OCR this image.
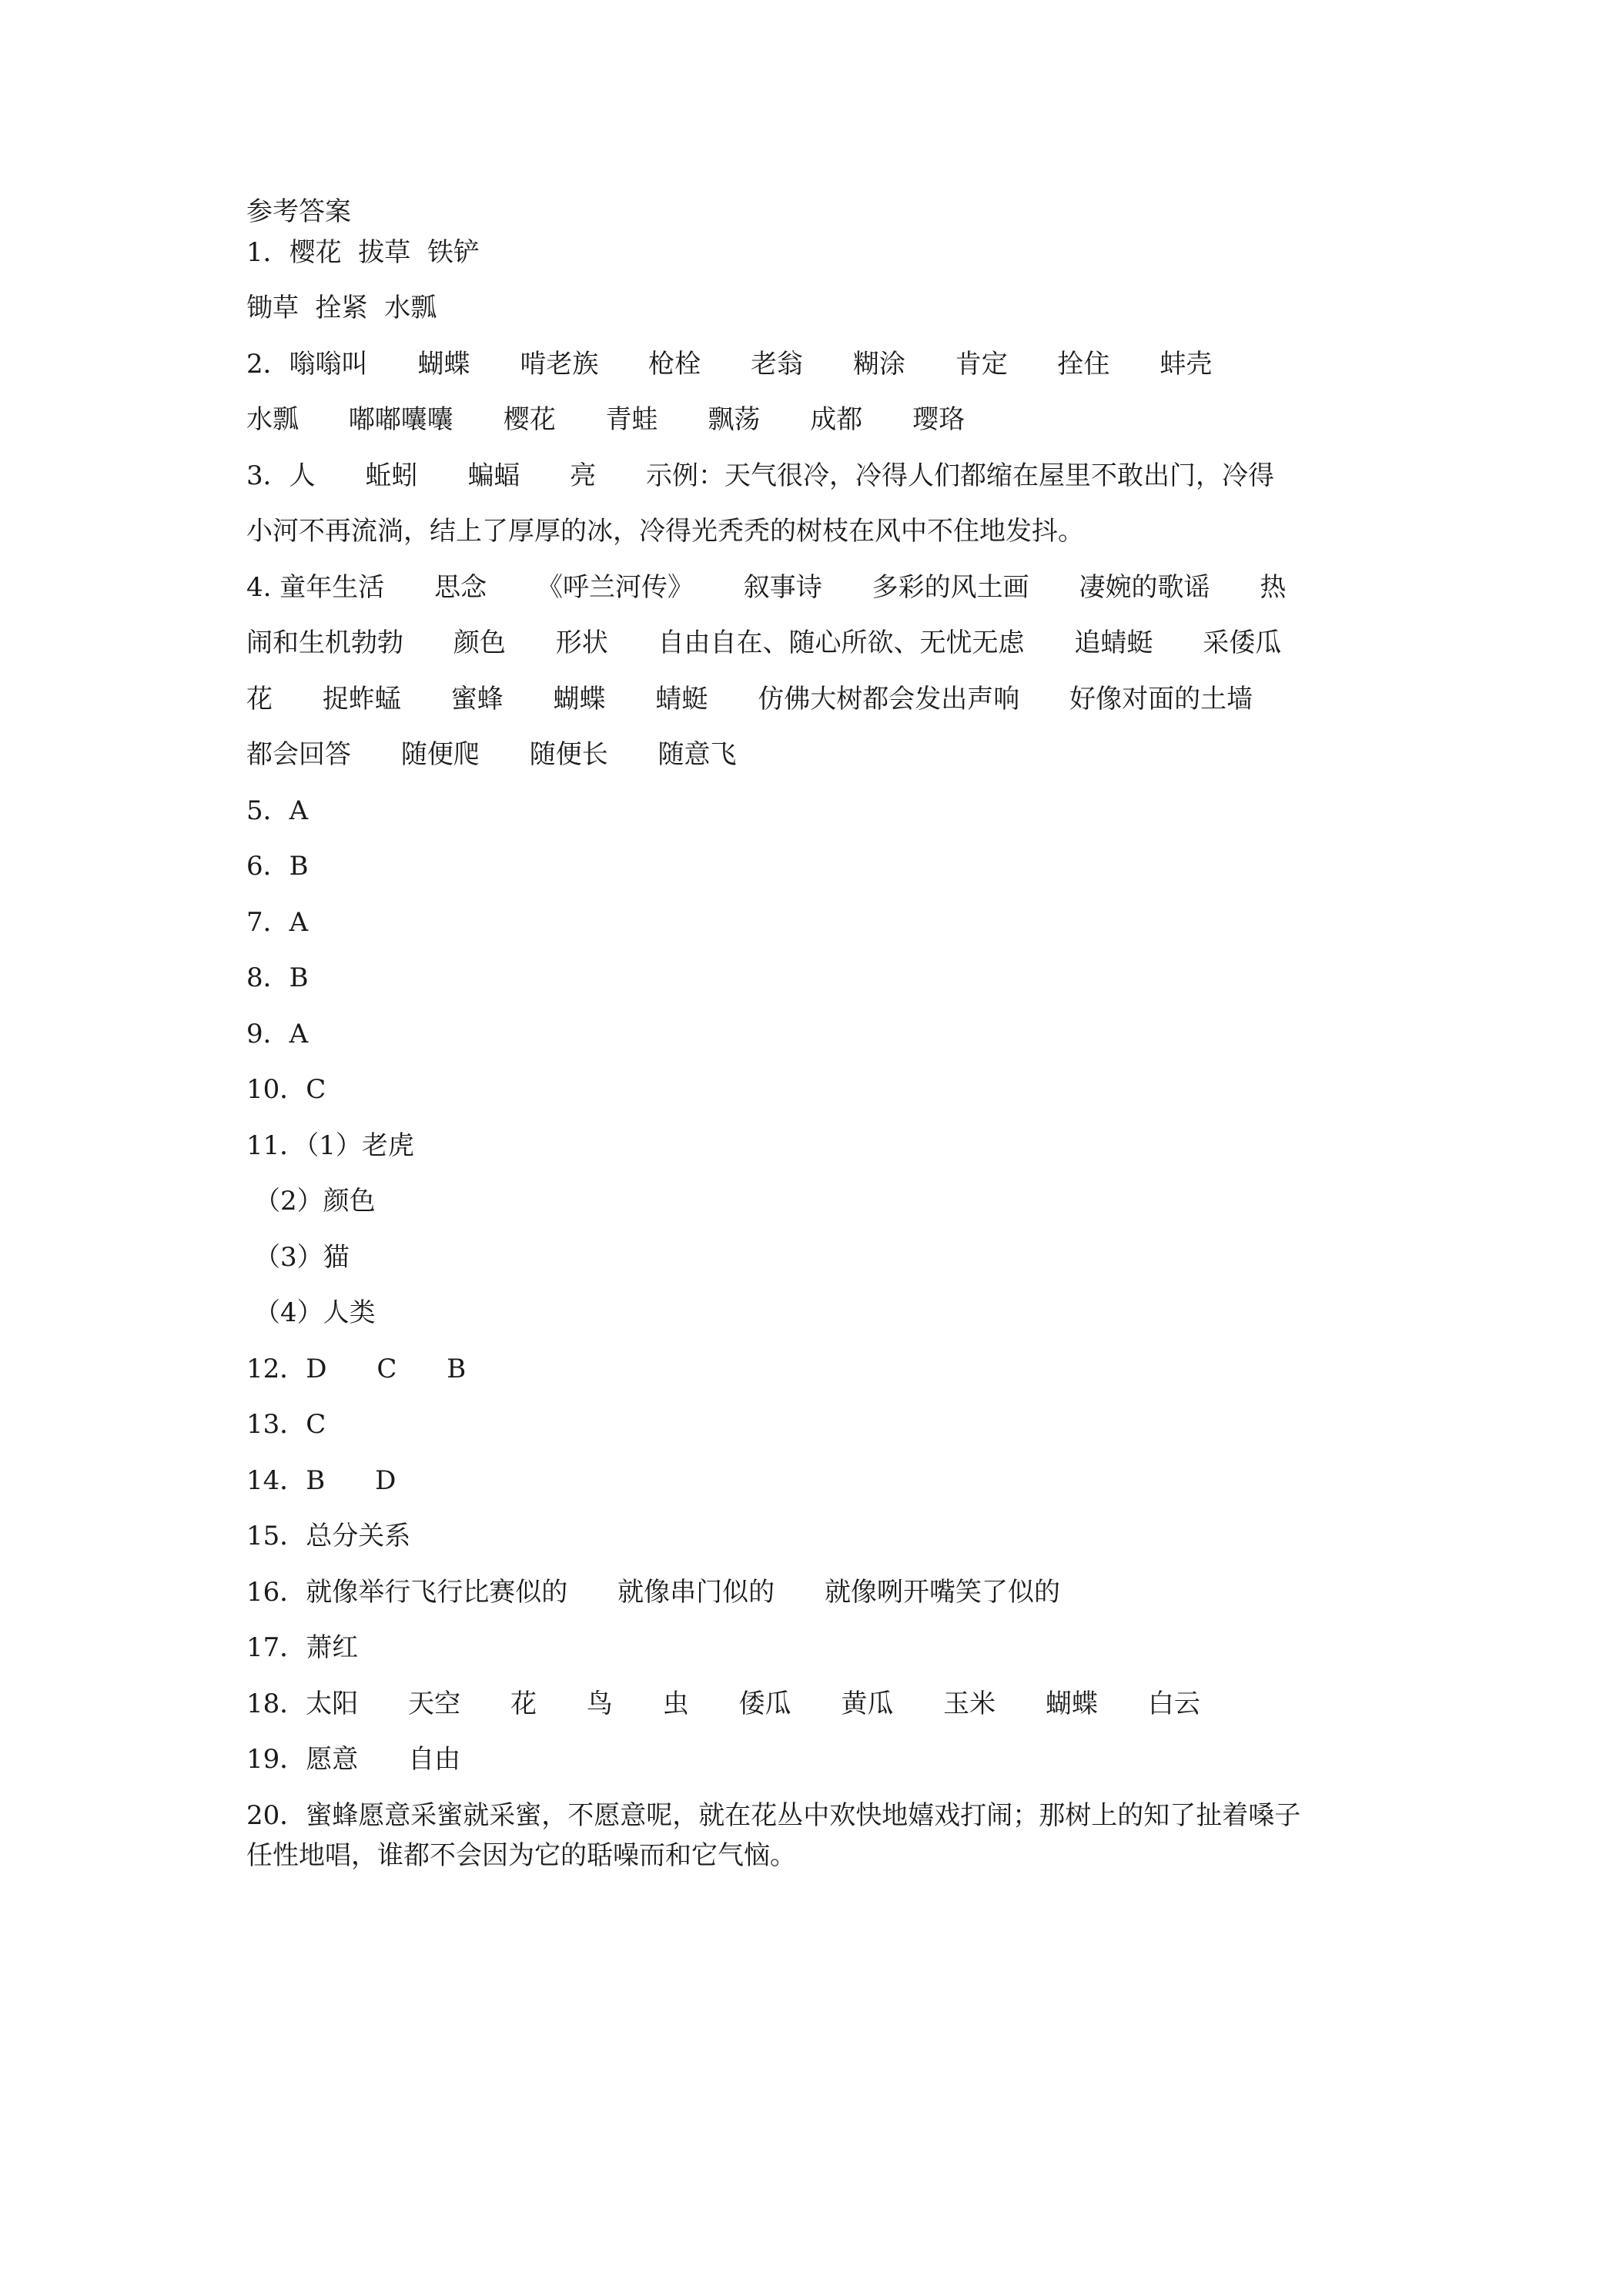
参考答案

1．樱花  拔草  铁铲

锄草  拴紧  水瓢

2．嗡嗡叫      蝴蝶      啃老族      枪栓      老翁      糊涂      肯定      拴住      蚌壳

水瓢      嘟嘟囔囔      樱花      青蛙      飘荡      成都      璎珞

3．人      蚯蚓      蝙蝠      亮      示例：天气很冷，冷得人们都缩在屋里不敢出门，冷得

小河不再流淌，结上了厚厚的冰，冷得光秃秃的树枝在风中不住地发抖。

4. 童年生活      思念      《呼兰河传》      叙事诗      多彩的风土画      凄婉的歌谣      热

闹和生机勃勃      颜色      形状      自由自在、随心所欲、无忧无虑      追蜻蜓      采倭瓜

花      捉蚱蜢      蜜蜂      蝴蝶      蜻蜓      仿佛大树都会发出声响      好像对面的土墙

都会回答      随便爬      随便长      随意飞

5．A

6．B

7．A

8．B

9．A

10．C

11．（1）老虎

（2）颜色

（3）猫

（4）人类

12．D      C      B

13．C

14．B      D

15．总分关系

16．就像举行飞行比赛似的      就像串门似的      就像咧开嘴笑了似的

17．萧红

18．太阳      天空      花      鸟      虫      倭瓜      黄瓜      玉米      蝴蝶      白云

19．愿意      自由

20．蜜蜂愿意采蜜就采蜜，不愿意呢，就在花丛中欢快地嬉戏打闹；那树上的知了扯着嗓子

任性地唱，谁都不会因为它的聒噪而和它气恼。
